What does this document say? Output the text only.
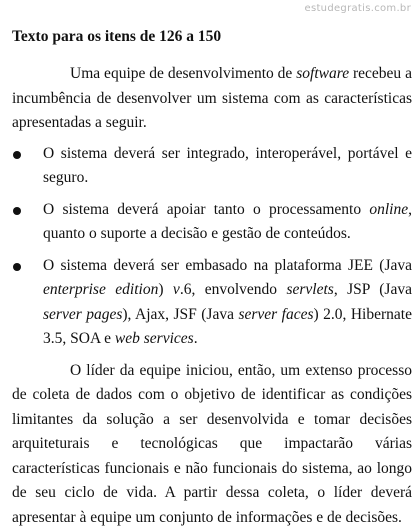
estudegratis.com.br
Texto para os itens de 126 a 150

Uma equipe de desenvolvimento de software recebeu a incumbência de desenvolver um sistema com as características apresentadas a seguir.

O sistema deverá ser integrado, interoperável, portável e seguro.
O sistema deverá apoiar tanto o processamento online, quanto o suporte a decisão e gestão de conteúdos.
O sistema deverá ser embasado na plataforma JEE (Java enterprise edition) v.6, envolvendo servlets, JSP (Java server pages), Ajax, JSF (Java server faces) 2.0, Hibernate 3.5, SOA e web services.

O líder da equipe iniciou, então, um extenso processo de coleta de dados com o objetivo de identificar as condições limitantes da solução a ser desenvolvida e tomar decisões arquiteturais e tecnológicas que impactarão várias características funcionais e não funcionais do sistema, ao longo de seu ciclo de vida. A partir dessa coleta, o líder deverá apresentar à equipe um conjunto de informações e de decisões.
